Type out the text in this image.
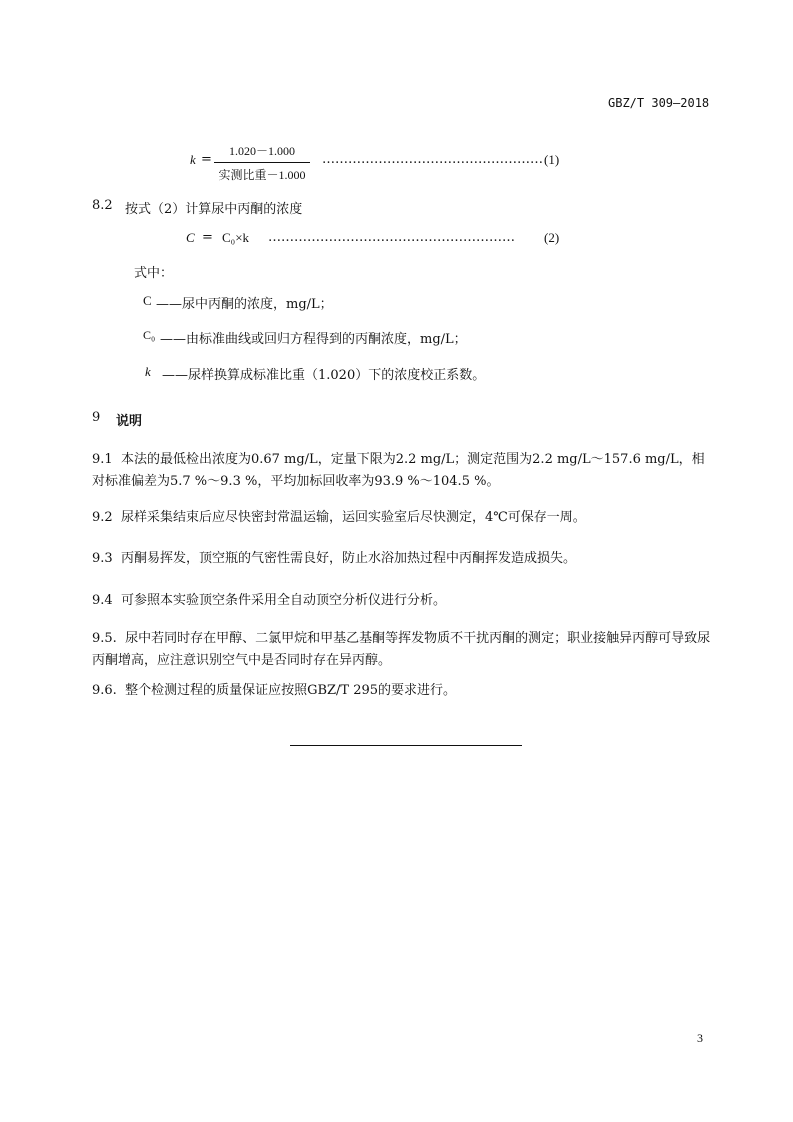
GBZ/T 309—2018
k =
1.020－1.000
实测比重－1.000
…………………………………………… (1)
8.2 按式（2）计算尿中丙酮的浓度
C = C₀×k …………………………………………………	(2)
式中：
C ——尿中丙酮的浓度，mg/L；
C₀ ——由标准曲线或回归方程得到的丙酮浓度，mg/L；
k ——尿样换算成标准比重（1.020）下的浓度校正系数。
9 说明
9.1 本法的最低检出浓度为0.67 mg/L，定量下限为2.2 mg/L；测定范围为2.2 mg/L～157.6 mg/L，相对标准偏差为5.7 %～9.3 %，平均加标回收率为93.9 %～104.5 %。
9.2 尿样采集结束后应尽快密封常温运输，运回实验室后尽快测定，4℃可保存一周。
9.3 丙酮易挥发，顶空瓶的气密性需良好，防止水浴加热过程中丙酮挥发造成损失。
9.4 可参照本实验顶空条件采用全自动顶空分析仪进行分析。
9.5. 尿中若同时存在甲醇、二氯甲烷和甲基乙基酮等挥发物质不干扰丙酮的测定；职业接触异丙醇可导致尿丙酮增高，应注意识别空气中是否同时存在异丙醇。
9.6. 整个检测过程的质量保证应按照GBZ/T 295的要求进行。
3
